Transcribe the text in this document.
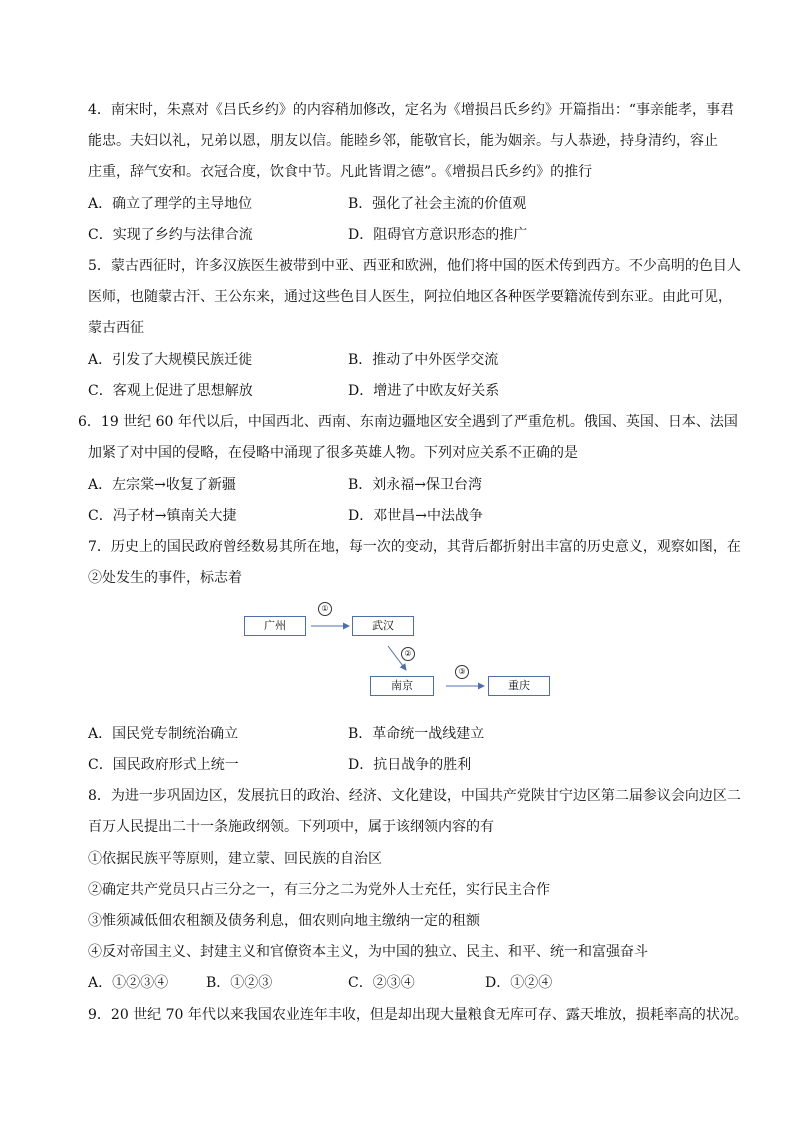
4．南宋时，朱熹对《吕氏乡约》的内容稍加修改，定名为《增损吕氏乡约》开篇指出：“事亲能孝，事君
能忠。夫妇以礼，兄弟以恩，朋友以信。能睦乡邻，能敬官长，能为姻亲。与人恭逊，持身清约，容止
庄重，辞气安和。衣冠合度，饮食中节。凡此皆谓之德”。《增损吕氏乡约》的推行
A．确立了理学的主导地位	B．强化了社会主流的价值观
C．实现了乡约与法律合流	D．阻碍官方意识形态的推广
5．蒙古西征时，许多汉族医生被带到中亚、西亚和欧洲，他们将中国的医术传到西方。不少高明的色目人
医师，也随蒙古汗、王公东来，通过这些色目人医生，阿拉伯地区各种医学要籍流传到东亚。由此可见，
蒙古西征
A．引发了大规模民族迁徙	B．推动了中外医学交流
C．客观上促进了思想解放	D．增进了中欧友好关系
6．19 世纪 60 年代以后，中国西北、西南、东南边疆地区安全遇到了严重危机。俄国、英国、日本、法国
加紧了对中国的侵略，在侵略中涌现了很多英雄人物。下列对应关系不正确的是
A．左宗棠→收复了新疆	B．刘永福→保卫台湾
C．冯子材→镇南关大捷	D．邓世昌→中法战争
7．历史上的国民政府曾经数易其所在地，每一次的变动，其背后都折射出丰富的历史意义，观察如图，在
②处发生的事件，标志着
广州
①
武汉
②
南京
③
重庆
A．国民党专制统治确立	B．革命统一战线建立
C．国民政府形式上统一	D．抗日战争的胜利
8．为进一步巩固边区，发展抗日的政治、经济、文化建设，中国共产党陕甘宁边区第二届参议会向边区二
百万人民提出二十一条施政纲领。下列项中，属于该纲领内容的有
①依据民族平等原则，建立蒙、回民族的自治区
②确定共产党员只占三分之一，有三分之二为党外人士充任，实行民主合作
③惟须减低佃农租额及债务利息，佃农则向地主缴纳一定的租额
④反对帝国主义、封建主义和官僚资本主义，为中国的独立、民主、和平、统一和富强奋斗
A．①②③④	B．①②③	C．②③④	D．①②④
9．20 世纪 70 年代以来我国农业连年丰收，但是却出现大量粮食无库可存、露天堆放，损耗率高的状况。
